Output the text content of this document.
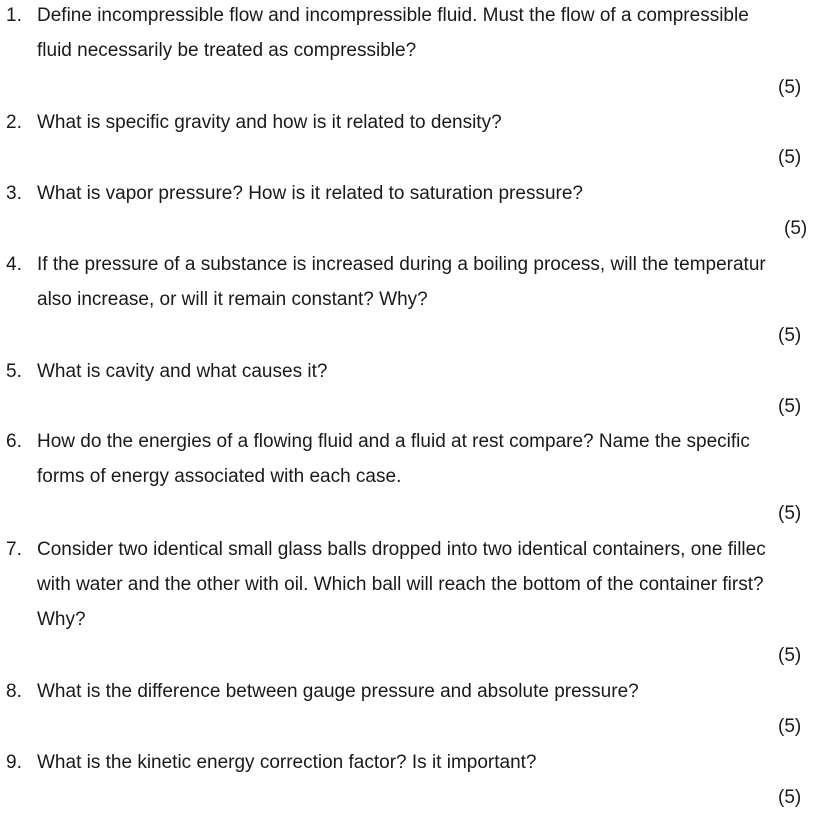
1. Define incompressible flow and incompressible fluid. Must the flow of a compressible
fluid necessarily be treated as compressible?
(5)
2. What is specific gravity and how is it related to density?
(5)
3. What is vapor pressure? How is it related to saturation pressure?
(5)
4. If the pressure of a substance is increased during a boiling process, will the temperatur
also increase, or will it remain constant? Why?
(5)
5. What is cavity and what causes it?
(5)
6. How do the energies of a flowing fluid and a fluid at rest compare? Name the specific
forms of energy associated with each case.
(5)
7. Consider two identical small glass balls dropped into two identical containers, one fillec
with water and the other with oil. Which ball will reach the bottom of the container first?
Why?
(5)
8. What is the difference between gauge pressure and absolute pressure?
(5)
9. What is the kinetic energy correction factor? Is it important?
(5)
